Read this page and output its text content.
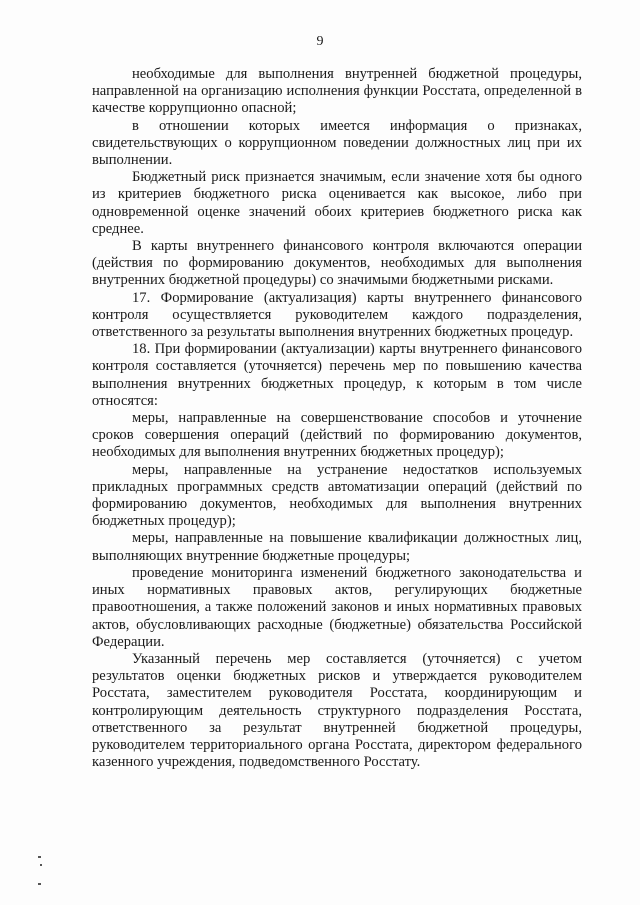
9

необходимые для выполнения внутренней бюджетной процедуры, направленной на организацию исполнения функции Росстата, определенной в качестве коррупционно опасной;

в отношении которых имеется информация о признаках, свидетельствующих о коррупционном поведении должностных лиц при их выполнении.

Бюджетный риск признается значимым, если значение хотя бы одного из критериев бюджетного риска оценивается как высокое, либо при одновременной оценке значений обоих критериев бюджетного риска как среднее.

В карты внутреннего финансового контроля включаются операции (действия по формированию документов, необходимых для выполнения внутренних бюджетной процедуры) со значимыми бюджетными рисками.

17. Формирование (актуализация) карты внутреннего финансового контроля осуществляется руководителем каждого подразделения, ответственного за результаты выполнения внутренних бюджетных процедур.

18. При формировании (актуализации) карты внутреннего финансового контроля составляется (уточняется) перечень мер по повышению качества выполнения внутренних бюджетных процедур, к которым в том числе относятся:

меры, направленные на совершенствование способов и уточнение сроков совершения операций (действий по формированию документов, необходимых для выполнения внутренних бюджетных процедур);

меры, направленные на устранение недостатков используемых прикладных программных средств автоматизации операций (действий по формированию документов, необходимых для выполнения внутренних бюджетных процедур);

меры, направленные на повышение квалификации должностных лиц, выполняющих внутренние бюджетные процедуры;

проведение мониторинга изменений бюджетного законодательства и иных нормативных правовых актов, регулирующих бюджетные правоотношения, а также положений законов и иных нормативных правовых актов, обусловливающих расходные (бюджетные) обязательства Российской Федерации.

Указанный перечень мер составляется (уточняется) с учетом результатов оценки бюджетных рисков и утверждается руководителем Росстата, заместителем руководителя Росстата, координирующим и контролирующим деятельность структурного подразделения Росстата, ответственного за результат внутренней бюджетной процедуры, руководителем территориального органа Росстата, директором федерального казенного учреждения, подведомственного Росстату.
